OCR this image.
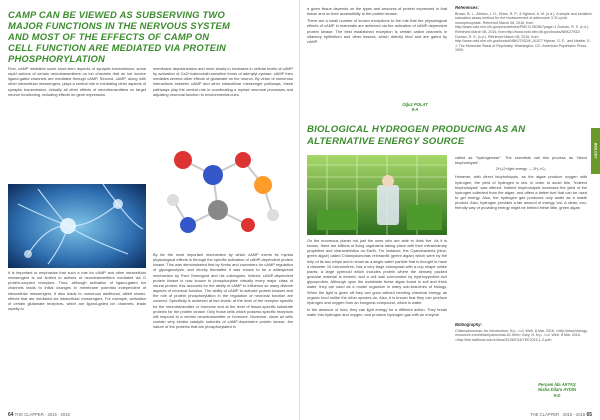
CAMP CAN BE VIEWED AS SUBSERVING TWO
MAJOR FUNCTIONS IN THE NERVOUS SYSTEM
AND MOST OF THE EFFECTS OF CAMP ON
CELL FUNCTION ARE MEDIATED VIA PROTEIN
PHOSPHORYLATION

First, cAMP mediates some short-term aspects of synaptic transmission; some rapid actions of certain neurotransmitters on ion channels that do not involve ligand-gated channels are mediated through cAMP. Second, cAMP, along with other intracellular messengers, plays a central role in mediating other aspects of synaptic transmission, virtually all other effects of neurotransmitters on target neuron functioning, including effects on gene expression.

It is important to emphasize that such a role for cAMP and other intracellular messengers is not limited to actions of neurotransmitters mediated via G protein-coupled receptors. Thus, although activation of ligand-gated ion channels leads to initial changes in membrane potential independent of intracellular messengers, it also leads to numerous additional, albeit slower, effects that are mediated via intracellular messengers. For example, activation of certain glutamate receptors, which are ligand-gated ion channels, leads rapidly to

membrane depolarization and more slowly to increases in cellular levels of cAMP by activation of Ca2+/calmodulin-sensitive forms of adenylyl cyclase. cAMP then mediates several other effects of glutamate on the neuron. By virtue of numerous interactions between cAMP and other intracellular messenger pathways, these pathways play the central role in coordinating a myriad neuronal processes and adjusting neuronal function to environmental cues.

By far the most important mechanism by which cAMP exerts its myriad physiological effects is through the specific activation of cAMP-dependent protein kinase. This was demonstrated first by Krebs and coworkers for cAMP regulation of glycogenolysis, and shortly thereafter it was shown to be a widespread mechanism by Paul Greengard and his colleagues. Indeed, cAMP-dependent protein kinase is now known to phosphorylate virtually every major class of neural protein; this accounts for the ability of cAMP to influence so many diverse aspects of neuronal function. The ability of cAMP to activate protein kinases and the role of protein phosphorylation in the regulation of neuronal function are covered. Specificity is achieved at two levels: at the level of the receptor specific for the neurotransmitter or hormone and at the level of tissue-specific substrate proteins for the protein kinase. Only those cells which possess specific receptors will respond to a certain neurotransmitter or hormone. Moreover, since all cells contain very similar catalytic subunits of cAMP-dependent protein kinase, the nature of the proteins that are phosphorylated in

64 THE CLAPPER · 2015 - 2016

a given tissue depends on the types and amounts of protein expressed in that tissue and on their accessibility to the protein kinase.

There are a small number of known exceptions to the rule that the physiological effects of cAMP in mammals are achieved via the activation of cAMP-dependent protein kinase. The best established exception is certain cation channels in olfactory epithelium and other tissues, which directly bind and are gated by cAMP.

Oğuz POLAT
9-A
References:
Brown, B. L., Albano, J. D., Ekins, R. P., & Sgherzi, A. M. (n.d.). A simple and sensitive saturation assay method for the measurement of adenosine 3',5'-cyclic monophosphate. Retrieved March 08, 2016, from http://www.ncbi.nlm.nih.gov/pmc/articles/PMC1178036/?page=1 Duman, R. S. (n.d.). Retrieved March 08, 2016, from http://www.ncbi.nlm.nih.gov/books/NBK27932/ Duman, R. S. (n.d.). Retrieved March 08, 2016, from http://www.ncbi.nlm.nih.gov/books/NBK27932/#_A1577 Hyman, S. E., and Nestler, E. J. The Molecular Basis of Psychiatry. Washington, DC: American Psychiatric Press, 1993.
BIOLOGICAL HYDROGEN PRODUCING AS AN
ALTERNATIVE ENERGY SOURCE

On the enormous planet not just the ones who are able to think live. As it is known, there are billions of living organisms taking place with their extraordinary properties and characteristics on Earth. For instance, the Cyanobacteria (blue-green algae) called Chlamydomonas reinhardtii (green algae) which were by the help of its two whips and in small as a single water particle that is thought to have a diameter 10 micrometres, has a very large chloroplast with a cup shape unlike plants; a large pyrenoid which includes protein where the densely packed granular material is formed; and a cell wall surrounded by hydroxyproline-rich glycoprotein. Although upon the worldwide these algae found in soil and fresh water, they are used as a model organism in many sub-branches of biology. When the light is given off they can grow without needing chemical energy, as organic food unlike the other species do. Also, it is known that they can produce hydrogen and oxygen from an inorganic compound, which is water.

In the absence of food, they can light energy for a different action. They break water into hydrogen and oxygen, and produce hydrogen gas with an enzyme

called as "hydrogenase". The scientists call this process as "direct biophotolysis".

2H₂O+light energy → 2H₂+O₂

However, with direct biophotolysis, as the algae produce oxygen with hydrogen, the yield of hydrogen is low. In order to avoid this, "indirect biophotolysis" was offered. Indirect biophotolysis increases the yield of the hydrogen collected from the algae, and offers a better fuel that can be used to get energy. Also, the hydrogen gas produces only water as a waste product. Also, hydrogen provides a fair amount of energy, too. A clean, eco-friendly way of providing energy might be behind these little, green algae.

Bibliography:
Chlamydomonas: An Introduction. N.p., n.d. Web. 8 Mar. 2016. <http://www.biology-resources.com/chlamydomonas-01.html> Gary, N. N.p., n.d. Web. 8 Mar. 2016. <http://the.tadblock.edu.tr/docs/2015/EG4/YEE2015-1-2.pdf>
Perçem İda AKTAŞ
Nisha Dilara AYDIN
9-D
BIOLOGY
THE CLAPPER · 2015 - 2016 65
